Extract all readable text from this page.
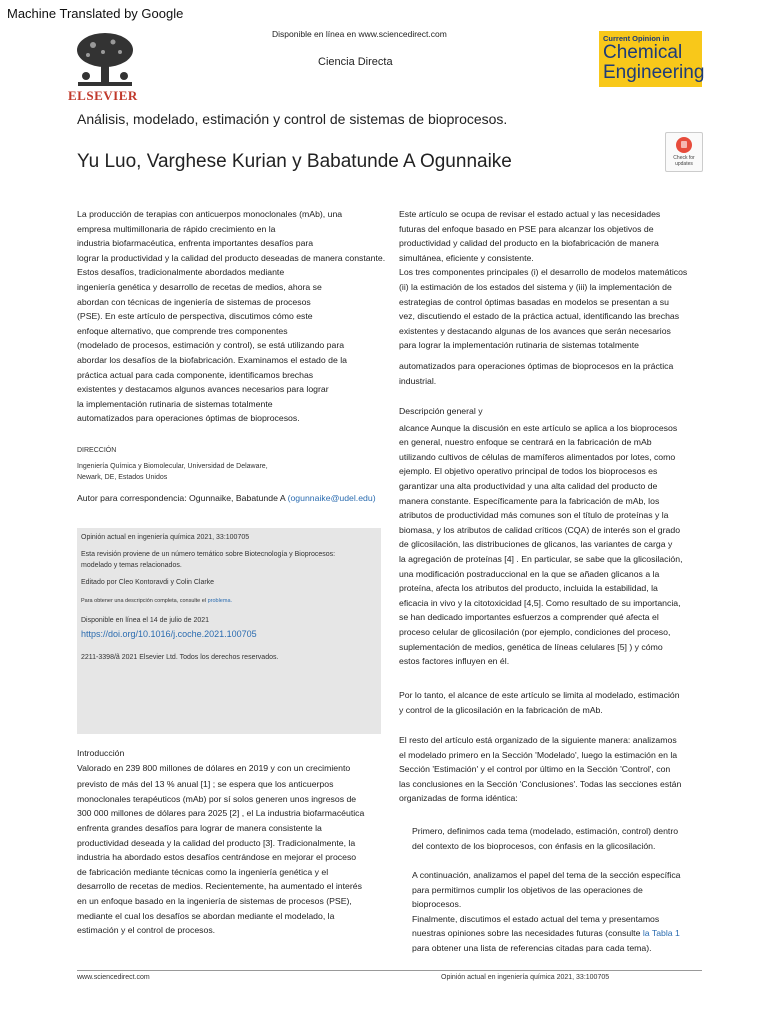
Machine Translated by Google
ELSEVIER
Disponible en línea en www.sciencedirect.com
Ciencia Directa
Current Opinion in
Chemical
Engineering
Análisis, modelado, estimación y control de sistemas de bioprocesos.
Yu Luo, Varghese Kurian y Babatunde A Ogunnaike	Check for
updates
La producción de terapias con anticuerpos monoclonales (mAb), una
empresa multimillonaria de rápido crecimiento en la
industria biofarmacéutica, enfrenta importantes desafíos para
lograr la productividad y la calidad del producto deseadas de manera constante.
Estos desafíos, tradicionalmente abordados mediante
ingeniería genética y desarrollo de recetas de medios, ahora se
abordan con técnicas de ingeniería de sistemas de procesos
(PSE). En este artículo de perspectiva, discutimos cómo este
enfoque alternativo, que comprende tres componentes
(modelado de procesos, estimación y control), se está utilizando para
abordar los desafíos de la biofabricación. Examinamos el estado de la
práctica actual para cada componente, identificamos brechas
existentes y destacamos algunos avances necesarios para lograr
la implementación rutinaria de sistemas totalmente
automatizados para operaciones óptimas de bioprocesos.
DIRECCIÓN
Ingeniería Química y Biomolecular, Universidad de Delaware,
Newark, DE, Estados Unidos
Autor para correspondencia: Ogunnaike, Babatunde A (ogunnaike@udel.edu)
Opinión actual en ingeniería química 2021, 33:100705
Esta revisión proviene de un número temático sobre Biotecnología y Bioprocesos:
modelado y temas relacionados.
Editado por Cleo Kontoravdi y Colin Clarke
Para obtener una descripción completa, consulte el problema.
Disponible en línea el 14 de julio de 2021
https://doi.org/10.1016/j.coche.2021.100705
2211-3398/ã 2021 Elsevier Ltd. Todos los derechos reservados.
Introducción
Valorado en 239 800 millones de dólares en 2019 y con un crecimiento
previsto de más del 13 % anual [1] ; se espera que los anticuerpos
monoclonales terapéuticos (mAb) por sí solos generen unos ingresos de
300 000 millones de dólares para 2025 [2] , el La industria biofarmacéutica
enfrenta grandes desafíos para lograr de manera consistente la
productividad deseada y la calidad del producto [3]. Tradicionalmente, la
industria ha abordado estos desafíos centrándose en mejorar el proceso
de fabricación mediante técnicas como la ingeniería genética y el
desarrollo de recetas de medios. Recientemente, ha aumentado el interés
en un enfoque basado en la ingeniería de sistemas de procesos (PSE),
mediante el cual los desafíos se abordan mediante el modelado, la
estimación y el control de procesos.
Este artículo se ocupa de revisar el estado actual y las necesidades
futuras del enfoque basado en PSE para alcanzar los objetivos de
productividad y calidad del producto en la biofabricación de manera
simultánea, eficiente y consistente.
Los tres componentes principales (i) el desarrollo de modelos matemáticos
(ii) la estimación de los estados del sistema y (iii) la implementación de
estrategias de control óptimas basadas en modelos se presentan a su
vez, discutiendo el estado de la práctica actual, identificando las brechas
existentes y destacando algunas de los avances que serán necesarios
para lograr la implementación rutinaria de sistemas totalmente
automatizados para operaciones óptimas de bioprocesos en la práctica
industrial.
Descripción general y
alcance Aunque la discusión en este artículo se aplica a los bioprocesos
en general, nuestro enfoque se centrará en la fabricación de mAb
utilizando cultivos de células de mamíferos alimentados por lotes, como
ejemplo. El objetivo operativo principal de todos los bioprocesos es
garantizar una alta productividad y una alta calidad del producto de
manera constante. Específicamente para la fabricación de mAb, los
atributos de productividad más comunes son el título de proteínas y la
biomasa, y los atributos de calidad críticos (CQA) de interés son el grado
de glicosilación, las distribuciones de glicanos, las variantes de carga y
la agregación de proteínas [4] . En particular, se sabe que la glicosilación,
una modificación postraduccional en la que se añaden glicanos a la
proteína, afecta los atributos del producto, incluida la estabilidad, la
eficacia in vivo y la citotoxicidad [4,5]. Como resultado de su importancia,
se han dedicado importantes esfuerzos a comprender qué afecta el
proceso celular de glicosilación (por ejemplo, condiciones del proceso,
suplementación de medios, genética de líneas celulares [5] ) y cómo
estos factores influyen en él.
Por lo tanto, el alcance de este artículo se limita al modelado, estimación
y control de la glicosilación en la fabricación de mAb.
El resto del artículo está organizado de la siguiente manera: analizamos
el modelado primero en la Sección 'Modelado', luego la estimación en la
Sección 'Estimación' y el control por último en la Sección 'Control', con
las conclusiones en la Sección 'Conclusiones'. Todas las secciones están
organizadas de forma idéntica:
Primero, definimos cada tema (modelado, estimación, control) dentro
del contexto de los bioprocesos, con énfasis en la glicosilación.
A continuación, analizamos el papel del tema de la sección específica
para permitirnos cumplir los objetivos de las operaciones de
bioprocesos.
Finalmente, discutimos el estado actual del tema y presentamos
nuestras opiniones sobre las necesidades futuras (consulte la Tabla 1
para obtener una lista de referencias citadas para cada tema).
www.sciencedirect.com	Opinión actual en ingeniería química 2021, 33:100705
